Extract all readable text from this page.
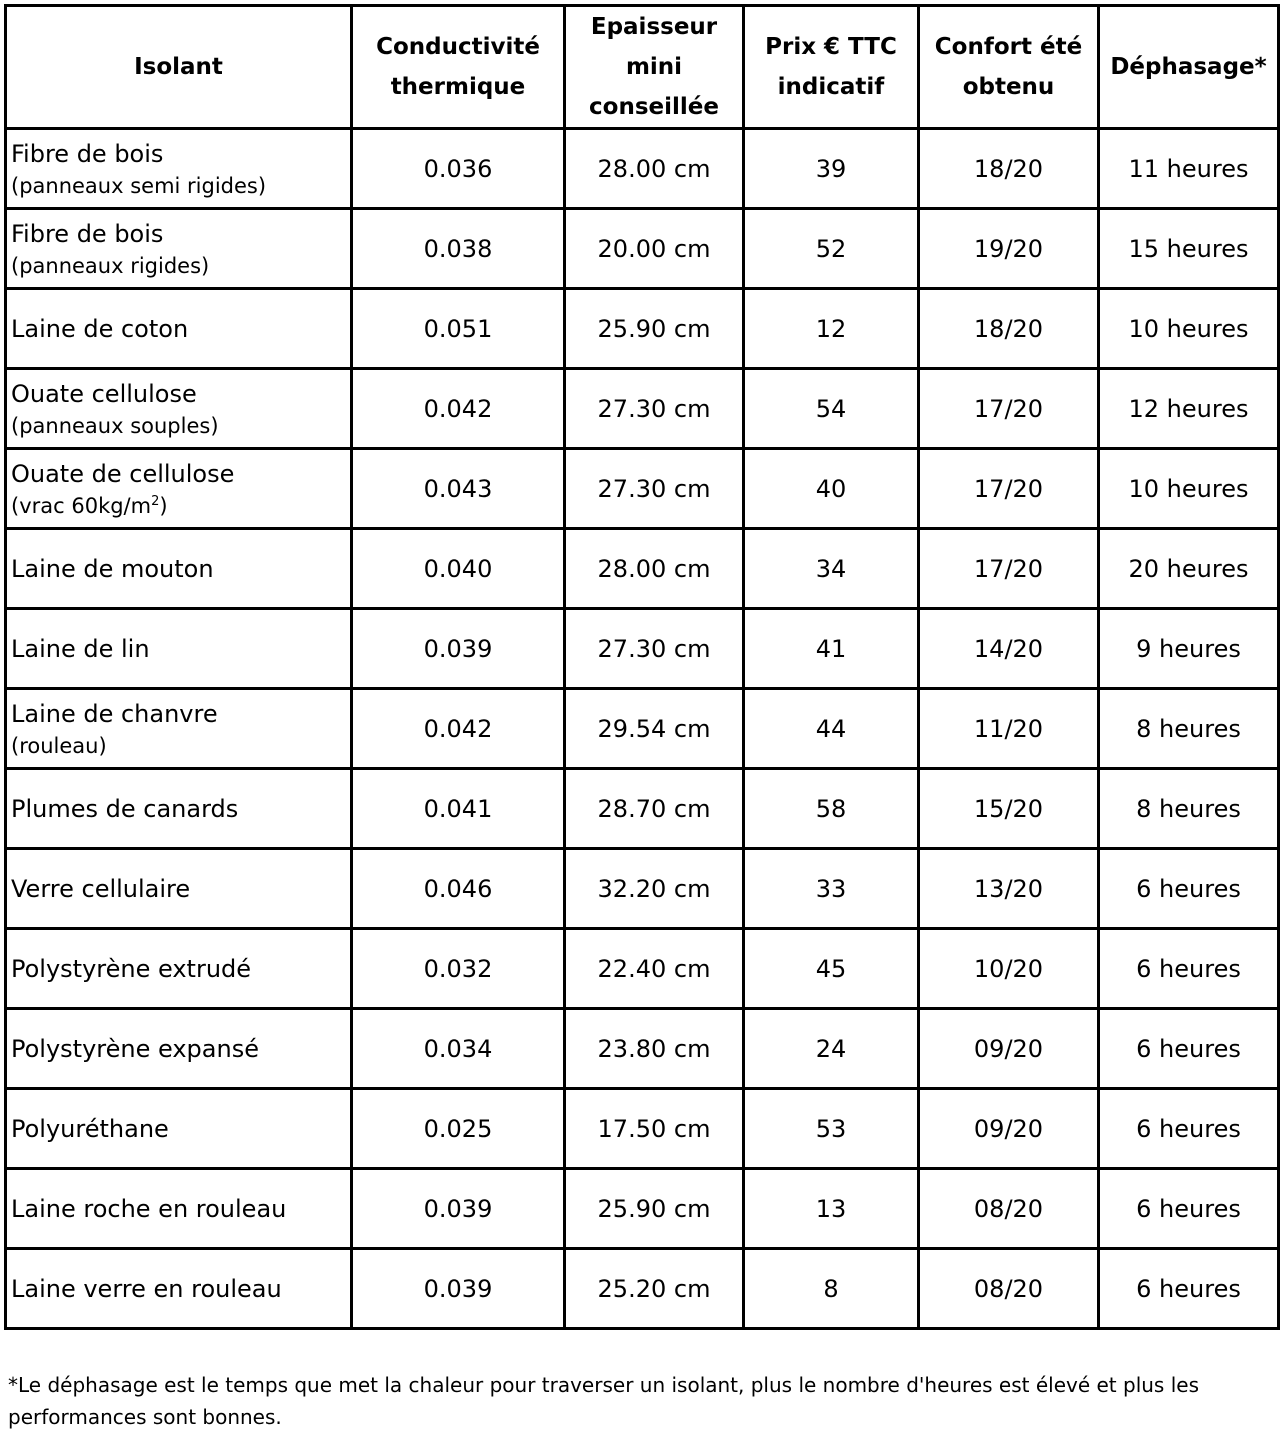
Isolant	Conductivité thermique	Epaisseur mini conseillée	Prix € TTC indicatif	Confort été obtenu	Déphasage*

Fibre de bois
(panneaux semi rigides)	0.036	28.00 cm	39	18/20	11 heures

Fibre de bois
(panneaux rigides)	0.038	20.00 cm	52	19/20	15 heures

Laine de coton	0.051	25.90 cm	12	18/20	10 heures

Ouate cellulose
(panneaux souples)	0.042	27.30 cm	54	17/20	12 heures

Ouate de cellulose
(vrac $60kg/m^2$)	0.043	27.30 cm	40	17/20	10 heures

Laine de mouton	0.040	28.00 cm	34	17/20	20 heures

Laine de lin	0.039	27.30 cm	41	14/20	9 heures

Laine de chanvre
(rouleau)	0.042	29.54 cm	44	11/20	8 heures

Plumes de canards	0.041	28.70 cm	58	15/20	8 heures

Verre cellulaire	0.046	32.20 cm	33	13/20	6 heures

Polystyrène extrudé	0.032	22.40 cm	45	10/20	6 heures

Polystyrène expansé	0.034	23.80 cm	24	09/20	6 heures

Polyuréthane	0.025	17.50 cm	53	09/20	6 heures

Laine roche en rouleau	0.039	25.90 cm	13	08/20	6 heures

Laine verre en rouleau	0.039	25.20 cm	8	08/20	6 heures
*Le déphasage est le temps que met la chaleur pour traverser un isolant, plus le nombre d'heures est élevé et plus les performances sont bonnes.
